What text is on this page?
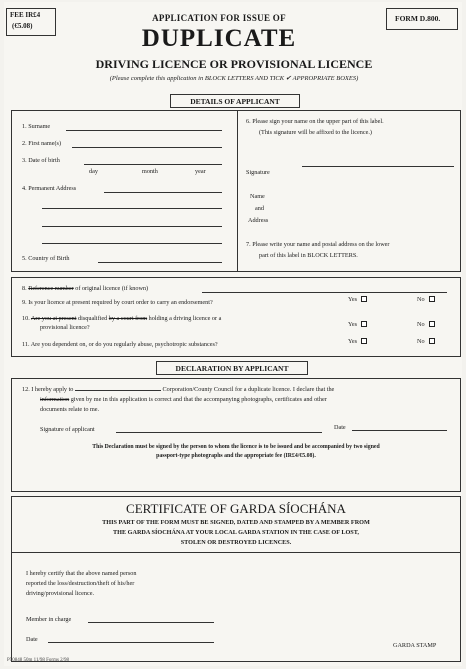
FEE IR£4
(€5.08)
FORM D.800.
APPLICATION FOR ISSUE OF
DUPLICATE
DRIVING LICENCE OR PROVISIONAL LICENCE
(Please complete this application in BLOCK LETTERS AND TICK ✔ APPROPRIATE BOXES)
DETAILS OF APPLICANT
1. Surname
2. First name(s)
3. Date of birth
day	month	year
4. Permanent Address
5. Country of Birth
6. Please sign your name on the upper part of this label.
(This signature will be affixed to the licence.)
Signature
Name
and
Address
7. Please write your name and postal address on the lower
part of this label in BLOCK LETTERS.
8. Reference number of original licence (if known)
9. Is your licence at present required by court order to carry an endorsement?	Yes	No
10. Are you at present disqualified by a court from holding a driving licence or a
provisional licence?	Yes	No
11. Are you dependent on, or do you regularly abuse, psychotropic substances?	Yes	No
DECLARATION BY APPLICANT
12. I hereby apply to	Corporation/County Council for a duplicate licence. I declare that the
information given by me in this application is correct and that the accompanying photographs, certificates and other
documents relate to me.
Signature of applicant	Date
This Declaration must be signed by the person to whom the licence is to be issued and be accompanied by two signed
passport-type photographs and the appropriate fee (IR£4/€5.08).
CERTIFICATE OF GARDA SÍOCHÁNA
THIS PART OF THE FORM MUST BE SIGNED, DATED AND STAMPED BY A MEMBER FROM
THE GARDA SÍOCHÁNA AT YOUR LOCAL GARDA STATION IN THE CASE OF LOST,
STOLEN OR DESTROYED LICENCES.
I hereby certify that the above named person
reported the loss/destruction/theft of his/her
driving/provisional licence.
Member in charge
Date
GARDA STAMP
P50848 50m 11/98 Forms 2/98
